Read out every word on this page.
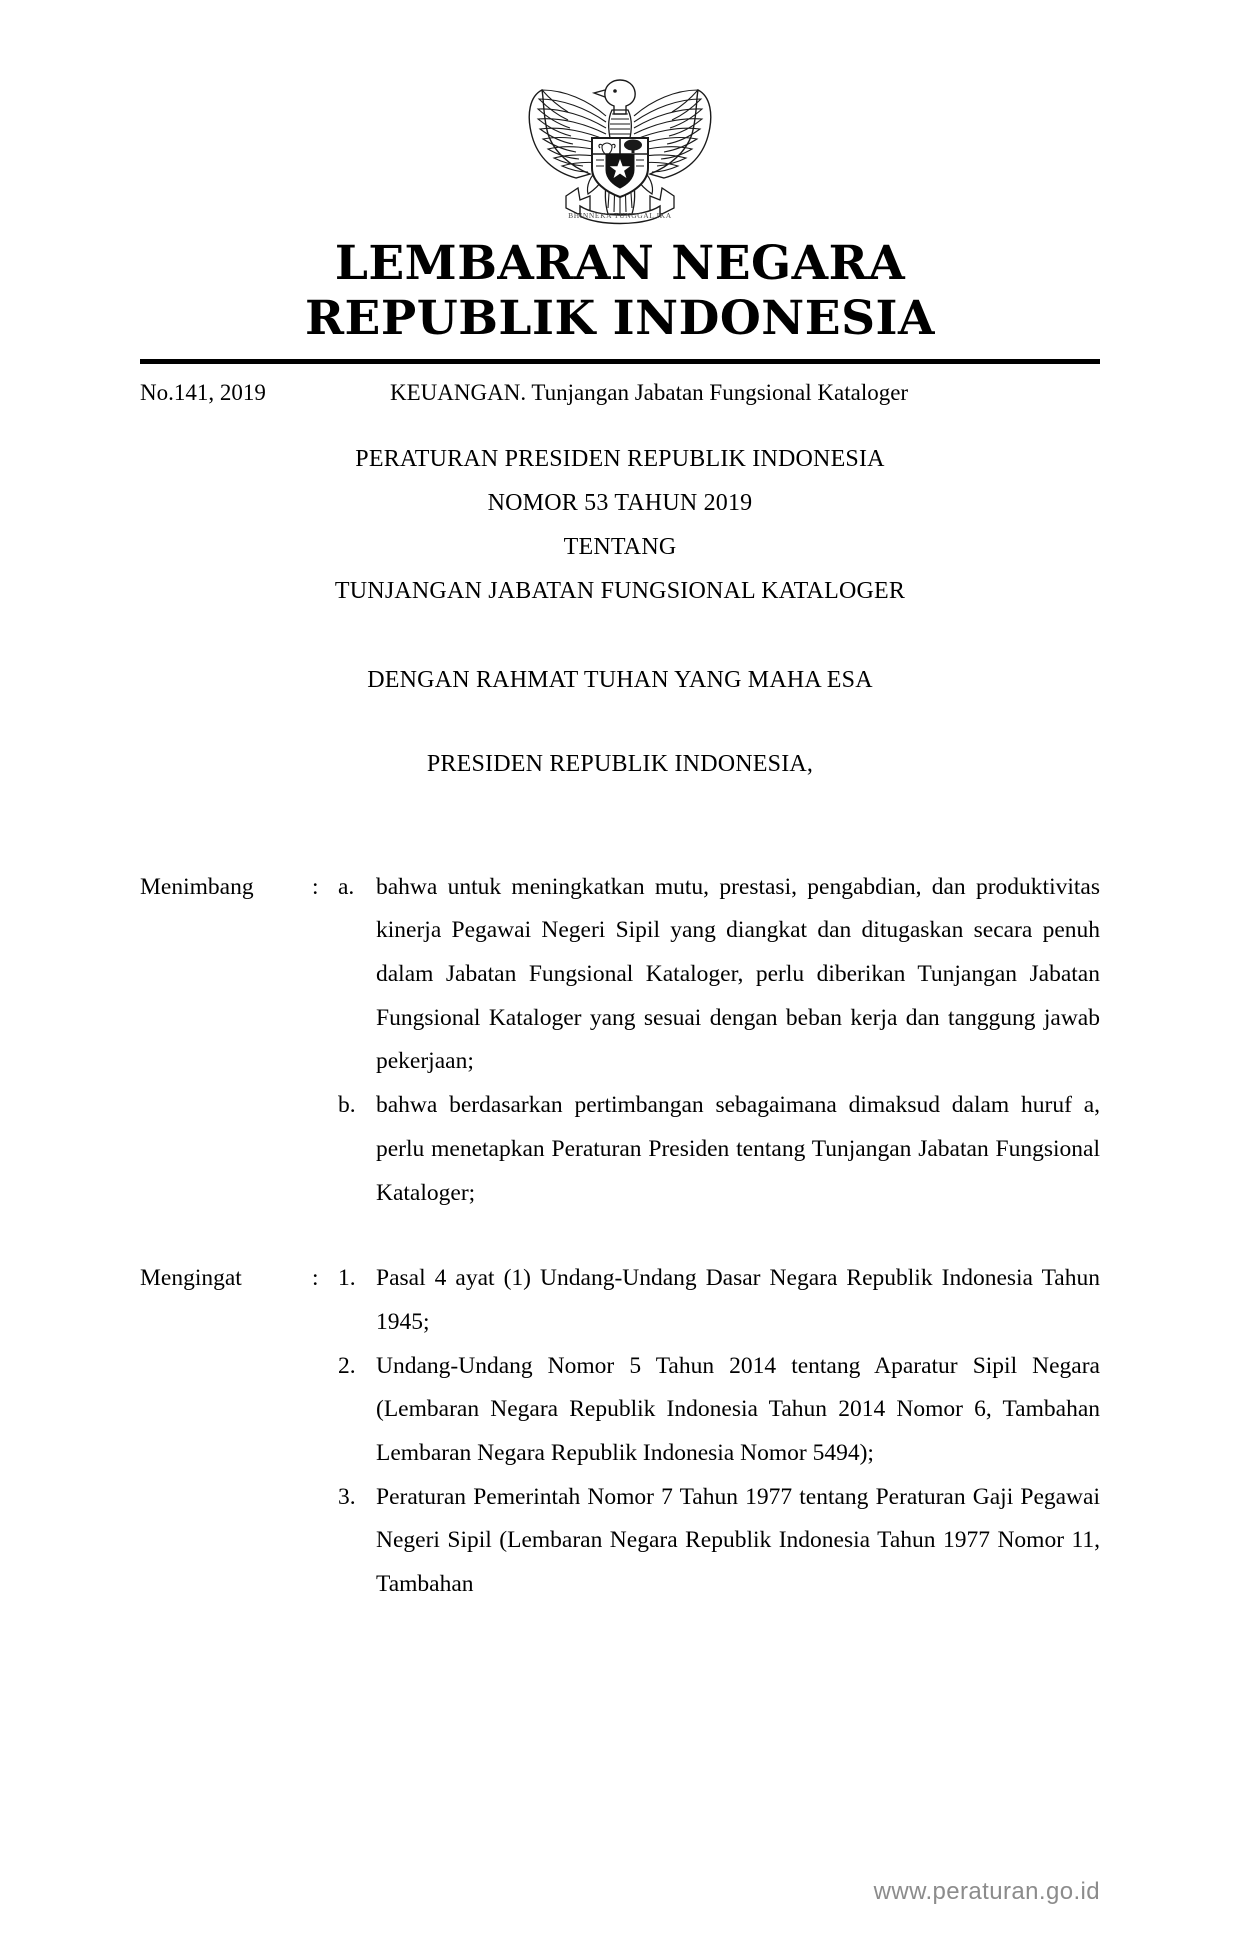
BHINNEKA TUNGGAL IKA
LEMBARAN NEGARA
REPUBLIK INDONESIA
No.141, 2019	KEUANGAN. Tunjangan Jabatan Fungsional Kataloger
PERATURAN PRESIDEN REPUBLIK INDONESIA
NOMOR 53 TAHUN 2019
TENTANG
TUNJANGAN JABATAN FUNGSIONAL KATALOGER
DENGAN RAHMAT TUHAN YANG MAHA ESA
PRESIDEN REPUBLIK INDONESIA,
Menimbang	: a. bahwa untuk meningkatkan mutu, prestasi, pengabdian, dan produktivitas kinerja Pegawai Negeri Sipil yang diangkat dan ditugaskan secara penuh dalam Jabatan Fungsional Kataloger, perlu diberikan Tunjangan Jabatan Fungsional Kataloger yang sesuai dengan beban kerja dan tanggung jawab pekerjaan;
b. bahwa berdasarkan pertimbangan sebagaimana dimaksud dalam huruf a, perlu menetapkan Peraturan Presiden tentang Tunjangan Jabatan Fungsional Kataloger;
Mengingat	: 1. Pasal 4 ayat (1) Undang-Undang Dasar Negara Republik Indonesia Tahun 1945;
2. Undang-Undang Nomor 5 Tahun 2014 tentang Aparatur Sipil Negara (Lembaran Negara Republik Indonesia Tahun 2014 Nomor 6, Tambahan Lembaran Negara Republik Indonesia Nomor 5494);
3. Peraturan Pemerintah Nomor 7 Tahun 1977 tentang Peraturan Gaji Pegawai Negeri Sipil (Lembaran Negara Republik Indonesia Tahun 1977 Nomor 11, Tambahan
www.peraturan.go.id
